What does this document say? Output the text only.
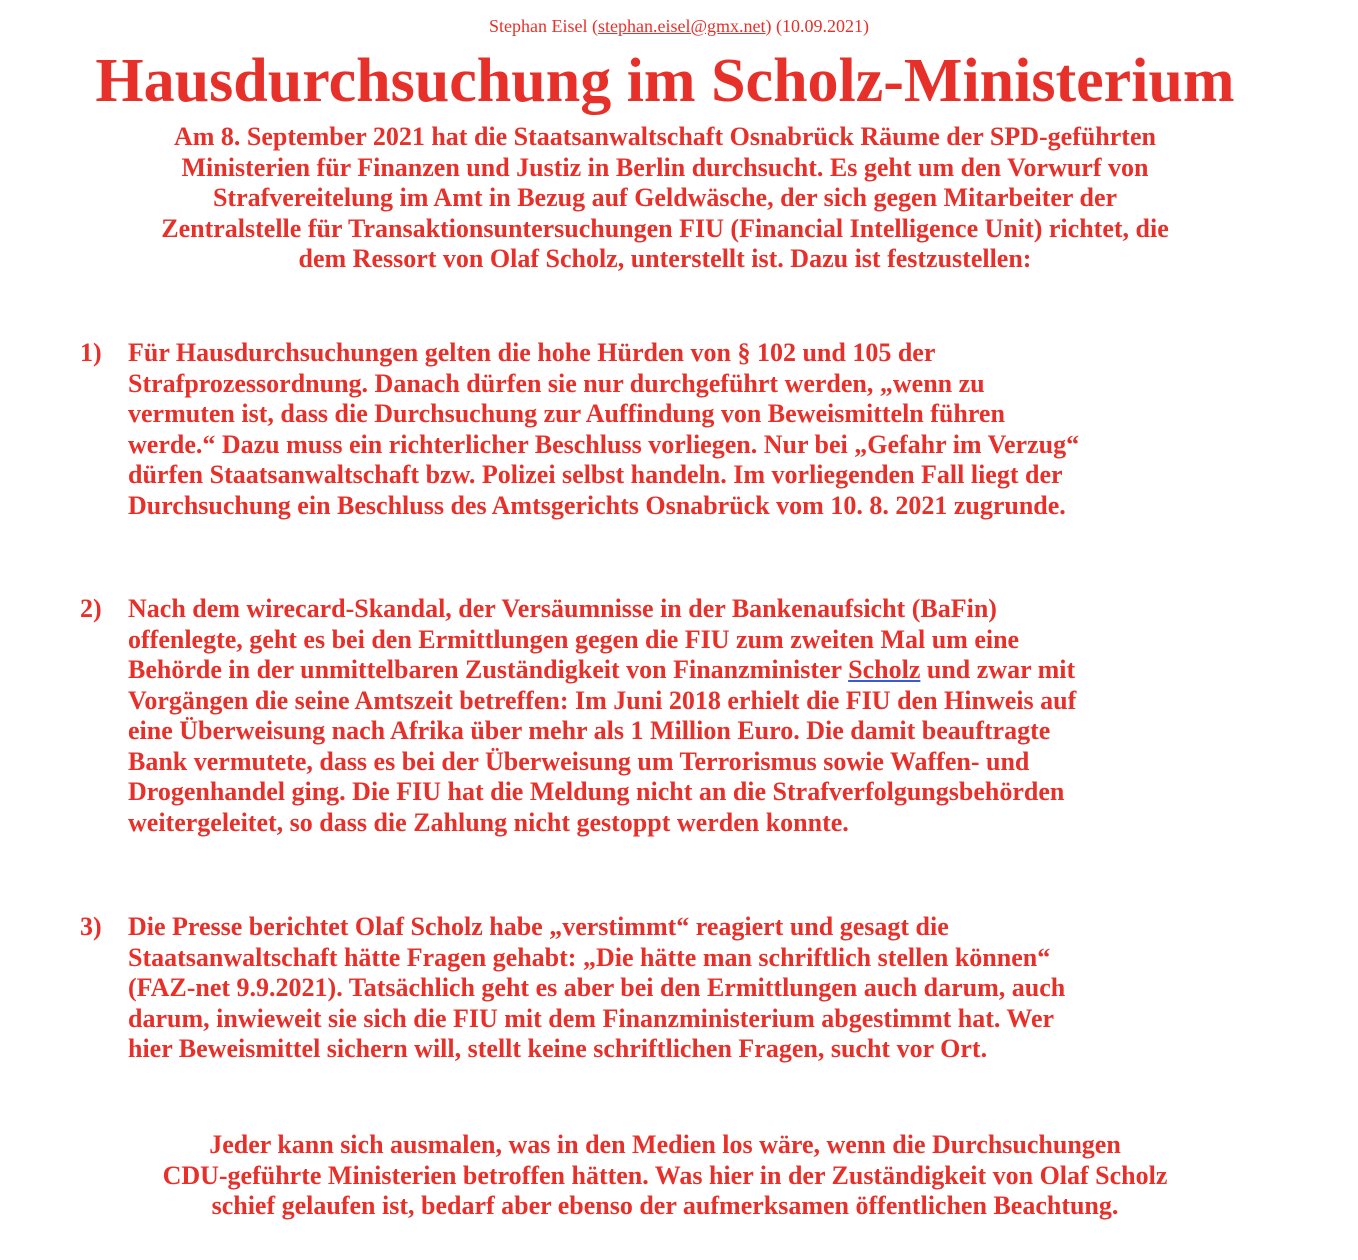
Stephan Eisel (stephan.eisel@gmx.net) (10.09.2021)
Hausdurchsuchung im Scholz-Ministerium
Am 8. September 2021 hat die Staatsanwaltschaft Osnabrück Räume der SPD-geführten
Ministerien für Finanzen und Justiz in Berlin durchsucht. Es geht um den Vorwurf von
Strafvereitelung im Amt in Bezug auf Geldwäsche, der sich gegen Mitarbeiter der
Zentralstelle für Transaktionsuntersuchungen FIU (Financial Intelligence Unit) richtet, die
dem Ressort von Olaf Scholz, unterstellt ist. Dazu ist festzustellen:
1)	Für Hausdurchsuchungen gelten die hohe Hürden von § 102 und 105 der
Strafprozessordnung. Danach dürfen sie nur durchgeführt werden, „wenn zu
vermuten ist, dass die Durchsuchung zur Auffindung von Beweismitteln führen
werde.“ Dazu muss ein richterlicher Beschluss vorliegen. Nur bei „Gefahr im Verzug“
dürfen Staatsanwaltschaft bzw. Polizei selbst handeln. Im vorliegenden Fall liegt der
Durchsuchung ein Beschluss des Amtsgerichts Osnabrück vom 10. 8. 2021 zugrunde.
2)	Nach dem wirecard-Skandal, der Versäumnisse in der Bankenaufsicht (BaFin)
offenlegte, geht es bei den Ermittlungen gegen die FIU zum zweiten Mal um eine
Behörde in der unmittelbaren Zuständigkeit von Finanzminister Scholz und zwar mit
Vorgängen die seine Amtszeit betreffen: Im Juni 2018 erhielt die FIU den Hinweis auf
eine Überweisung nach Afrika über mehr als 1 Million Euro. Die damit beauftragte
Bank vermutete, dass es bei der Überweisung um Terrorismus sowie Waffen- und
Drogenhandel ging. Die FIU hat die Meldung nicht an die Strafverfolgungsbehörden
weitergeleitet, so dass die Zahlung nicht gestoppt werden konnte.
3)	Die Presse berichtet Olaf Scholz habe „verstimmt“ reagiert und gesagt die
Staatsanwaltschaft hätte Fragen gehabt: „Die hätte man schriftlich stellen können“
(FAZ-net 9.9.2021). Tatsächlich geht es aber bei den Ermittlungen auch darum, auch
darum, inwieweit sie sich die FIU mit dem Finanzministerium abgestimmt hat. Wer
hier Beweismittel sichern will, stellt keine schriftlichen Fragen, sucht vor Ort.
Jeder kann sich ausmalen, was in den Medien los wäre, wenn die Durchsuchungen
CDU-geführte Ministerien betroffen hätten. Was hier in der Zuständigkeit von Olaf Scholz
schief gelaufen ist, bedarf aber ebenso der aufmerksamen öffentlichen Beachtung.
